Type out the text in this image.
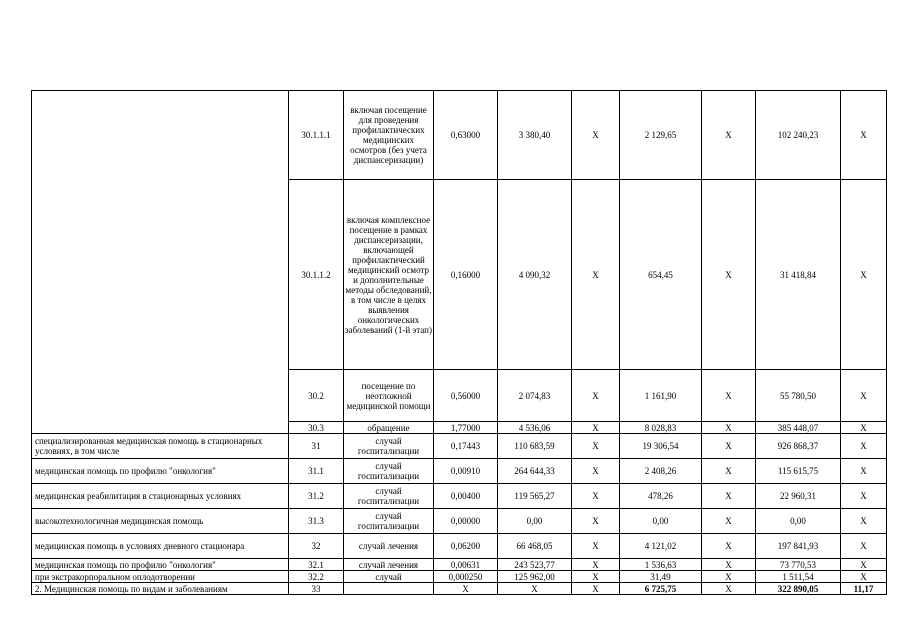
	30.1.1.1	включая посещение для проведения профилактических медицинских осмотров (без учета диспансеризации)	0,63000	3 380,40	Х	2 129,65	Х	102 240,23	Х
	30.1.1.2	включая комплексное посещение в рамках диспансеризации, включающей профилактический медицинский осмотр и дополнительные методы обследований, в том числе в целях выявления онкологических заболеваний (1-й этап)	0,16000	4 090,32	Х	654,45	Х	31 418,84	Х
	30.2	посещение по неотложной медицинской помощи	0,56000	2 074,83	Х	1 161,90	Х	55 780,50	Х
	30.3	обращение	1,77000	4 536,06	Х	8 028,83	Х	385 448,07	Х
специализированная медицинская помощь в стационарных условиях, в том числе	31	случай госпитализации	0,17443	110 683,59	Х	19 306,54	Х	926 868,37	Х
медицинская помощь по профилю "онкология"	31.1	случай госпитализации	0,00910	264 644,33	Х	2 408,26	Х	115 615,75	Х
медицинская реабилитация в стационарных условиях	31.2	случай госпитализации	0,00400	119 565,27	Х	478,26	Х	22 960,31	Х
высокотехнологичная медицинская помощь	31.3	случай госпитализации	0,00000	0,00	Х	0,00	Х	0,00	Х
медицинская помощь в условиях дневного стационара	32	случай лечения	0,06200	66 468,05	Х	4 121,02	Х	197 841,93	Х
медицинская помощь по профилю "онкология"	32.1	случай лечения	0,00631	243 523,77	Х	1 536,63	Х	73 770,53	Х
при экстракорпоральном оплодотворении	32.2	случай	0,000250	125 962,00	Х	31,49	Х	1 511,54	Х
2. Медицинская помощь по видам и заболеваниям	33		Х	Х	Х	6 725,75	Х	322 890,05	11,17
